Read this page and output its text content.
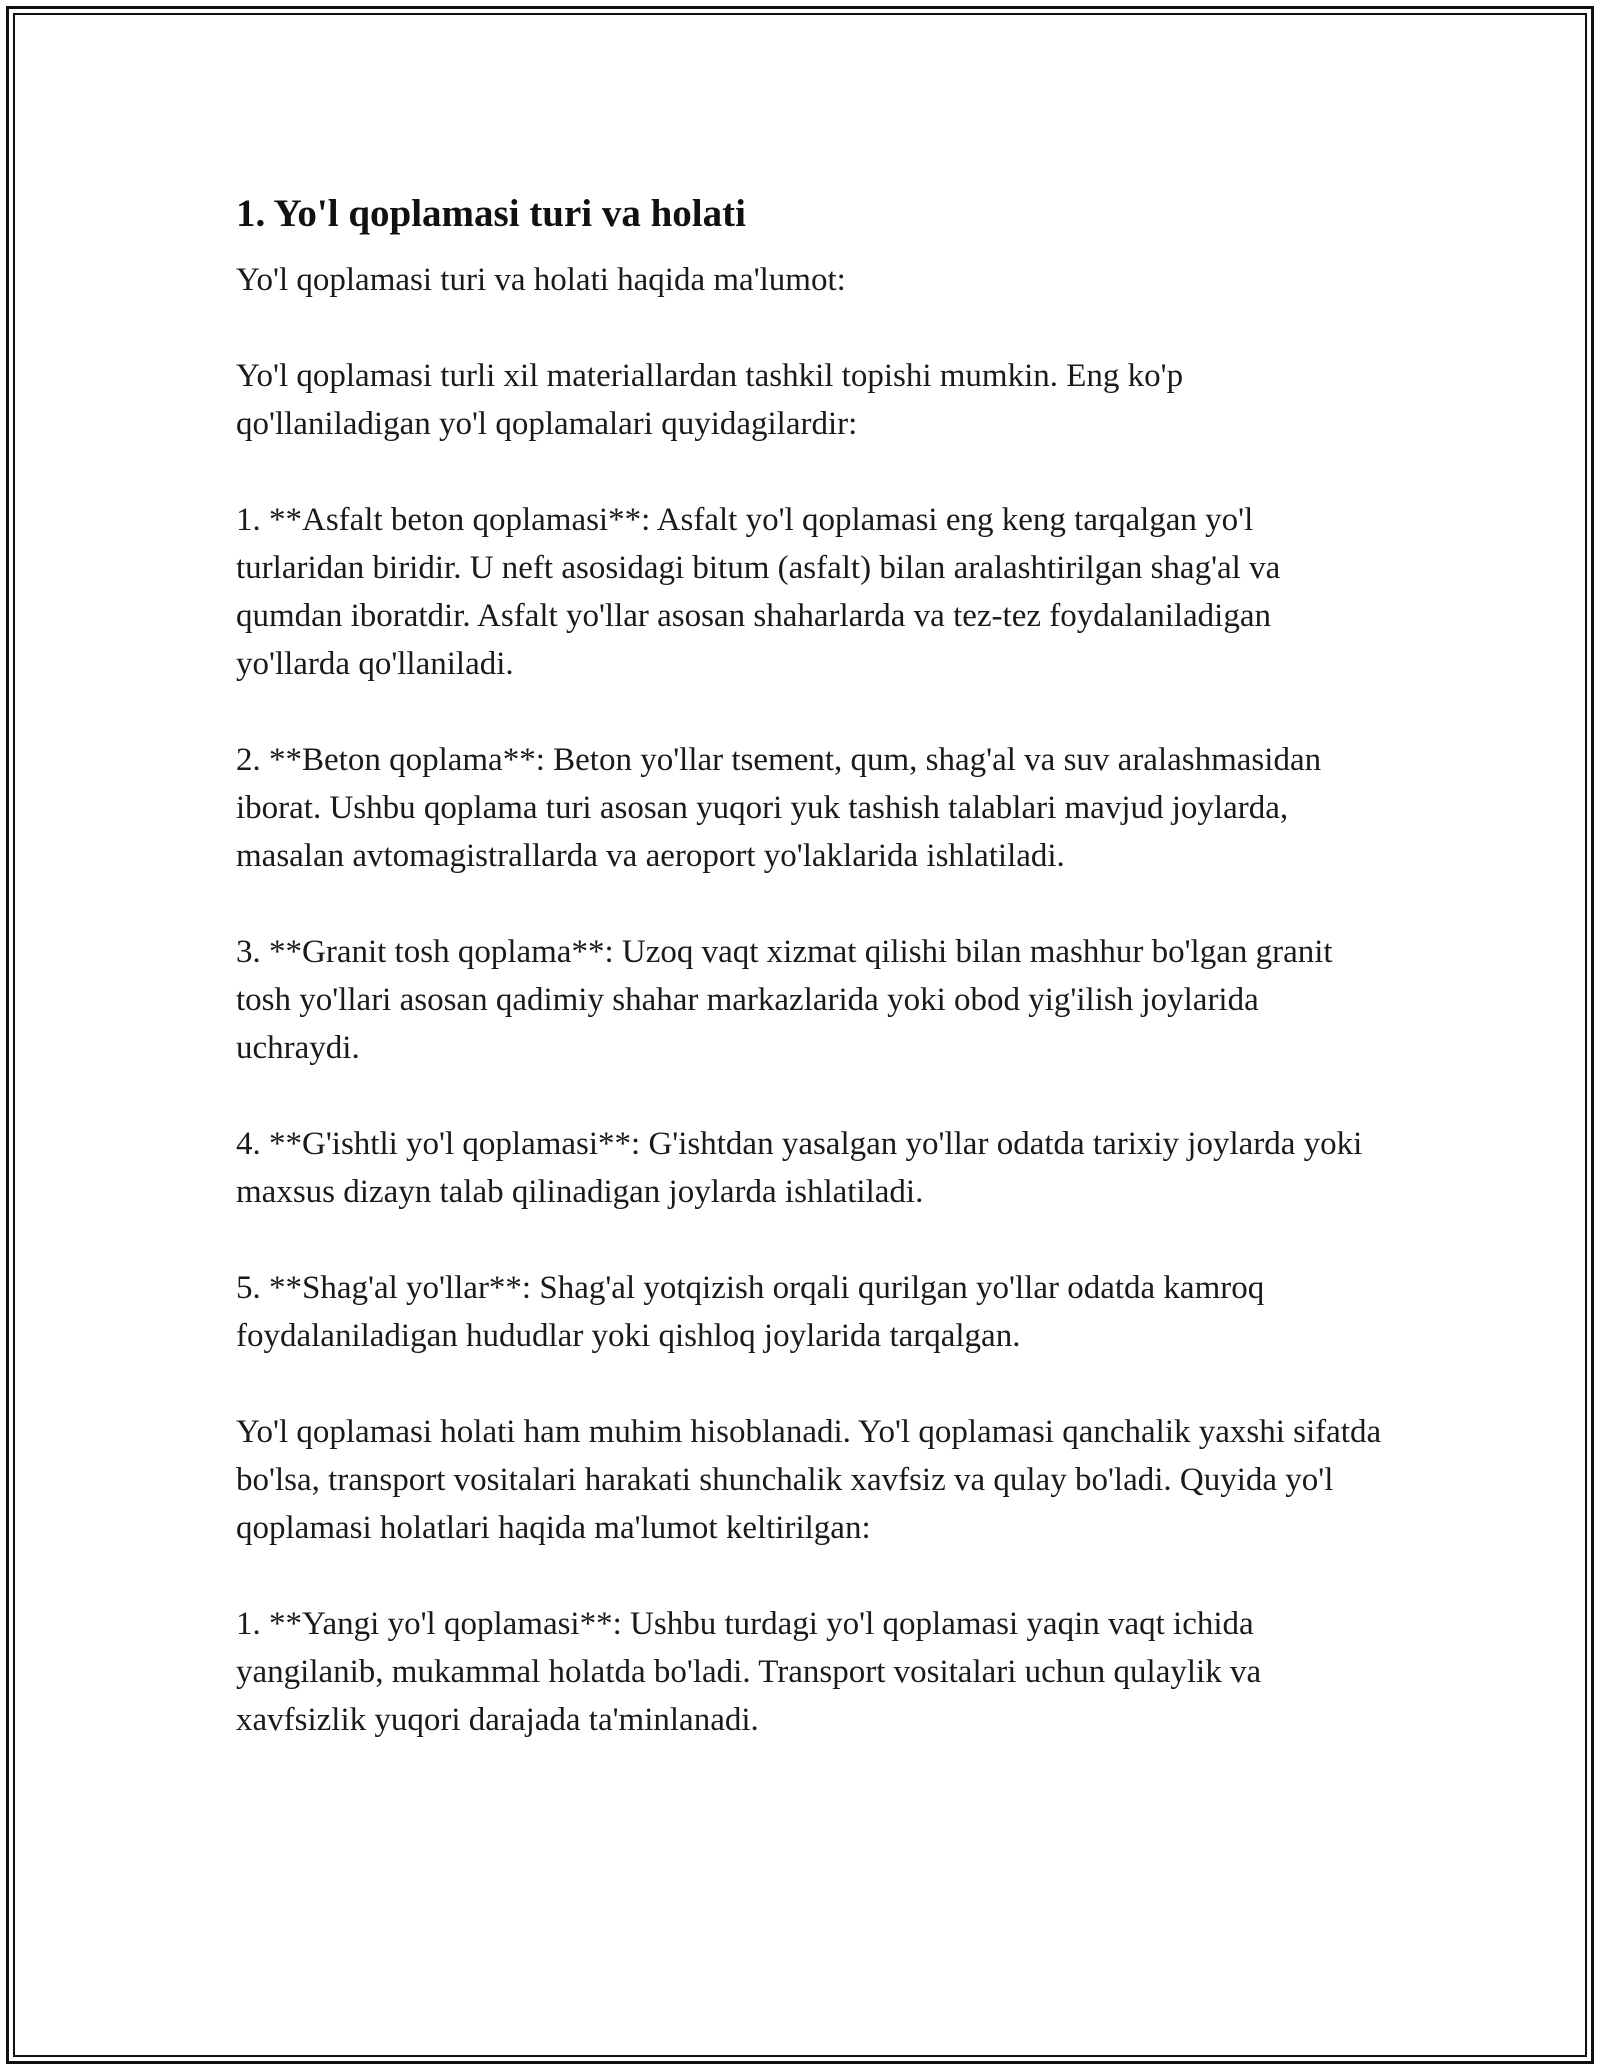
1. Yo'l qoplamasi turi va holati

Yo'l qoplamasi turi va holati haqida ma'lumot:

Yo'l qoplamasi turli xil materiallardan tashkil topishi mumkin. Eng ko'p qo'llaniladigan yo'l qoplamalari quyidagilardir:

1. **Asfalt beton qoplamasi**: Asfalt yo'l qoplamasi eng keng tarqalgan yo'l turlaridan biridir. U neft asosidagi bitum (asfalt) bilan aralashtirilgan shag'al va qumdan iboratdir. Asfalt yo'llar asosan shaharlarda va tez-tez foydalaniladigan yo'llarda qo'llaniladi.

2. **Beton qoplama**: Beton yo'llar tsement, qum, shag'al va suv aralashmasidan iborat. Ushbu qoplama turi asosan yuqori yuk tashish talablari mavjud joylarda, masalan avtomagistrallarda va aeroport yo'laklarida ishlatiladi.

3. **Granit tosh qoplama**: Uzoq vaqt xizmat qilishi bilan mashhur bo'lgan granit tosh yo'llari asosan qadimiy shahar markazlarida yoki obod yig'ilish joylarida uchraydi.

4. **G'ishtli yo'l qoplamasi**: G'ishtdan yasalgan yo'llar odatda tarixiy joylarda yoki maxsus dizayn talab qilinadigan joylarda ishlatiladi.

5. **Shag'al yo'llar**: Shag'al yotqizish orqali qurilgan yo'llar odatda kamroq foydalaniladigan hududlar yoki qishloq joylarida tarqalgan.

Yo'l qoplamasi holati ham muhim hisoblanadi. Yo'l qoplamasi qanchalik yaxshi sifatda bo'lsa, transport vositalari harakati shunchalik xavfsiz va qulay bo'ladi. Quyida yo'l qoplamasi holatlari haqida ma'lumot keltirilgan:

1. **Yangi yo'l qoplamasi**: Ushbu turdagi yo'l qoplamasi yaqin vaqt ichida yangilanib, mukammal holatda bo'ladi. Transport vositalari uchun qulaylik va xavfsizlik yuqori darajada ta'minlanadi.
